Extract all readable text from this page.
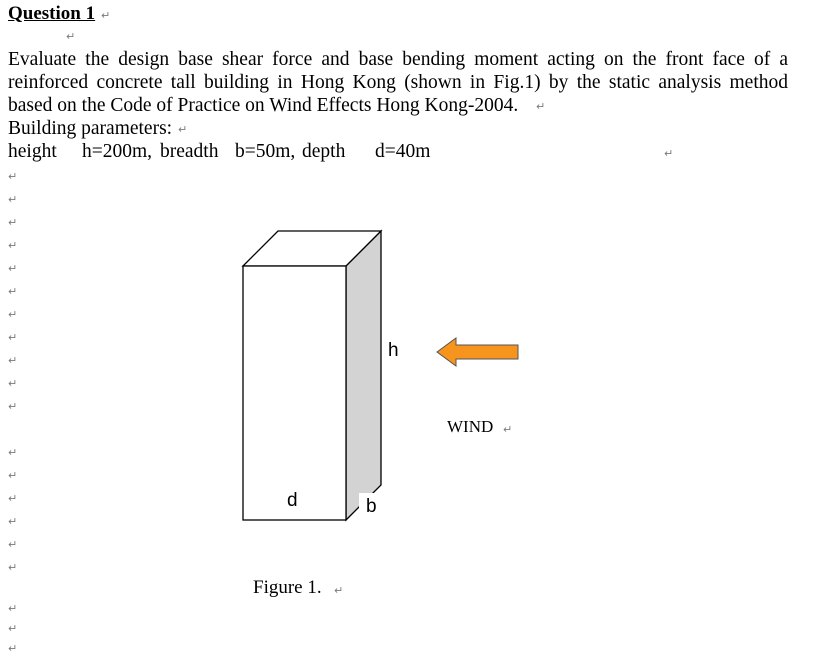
Question 1 ↵
↵
Evaluate the design base shear force and base bending moment acting on the front face of a
reinforced concrete tall building in Hong Kong (shown in Fig.1) by the static analysis method
based on the Code of Practice on Wind Effects Hong Kong-2004. ↵
Building parameters: ↵
height h=200m, breadth b=50m, depth d=40m	↵
↵
↵
↵
↵
↵
↵
↵
↵
↵
↵
↵
↵
↵
↵
↵
↵
↵
↵
↵
↵
h
d	b
WIND ↵
Figure 1. ↵
